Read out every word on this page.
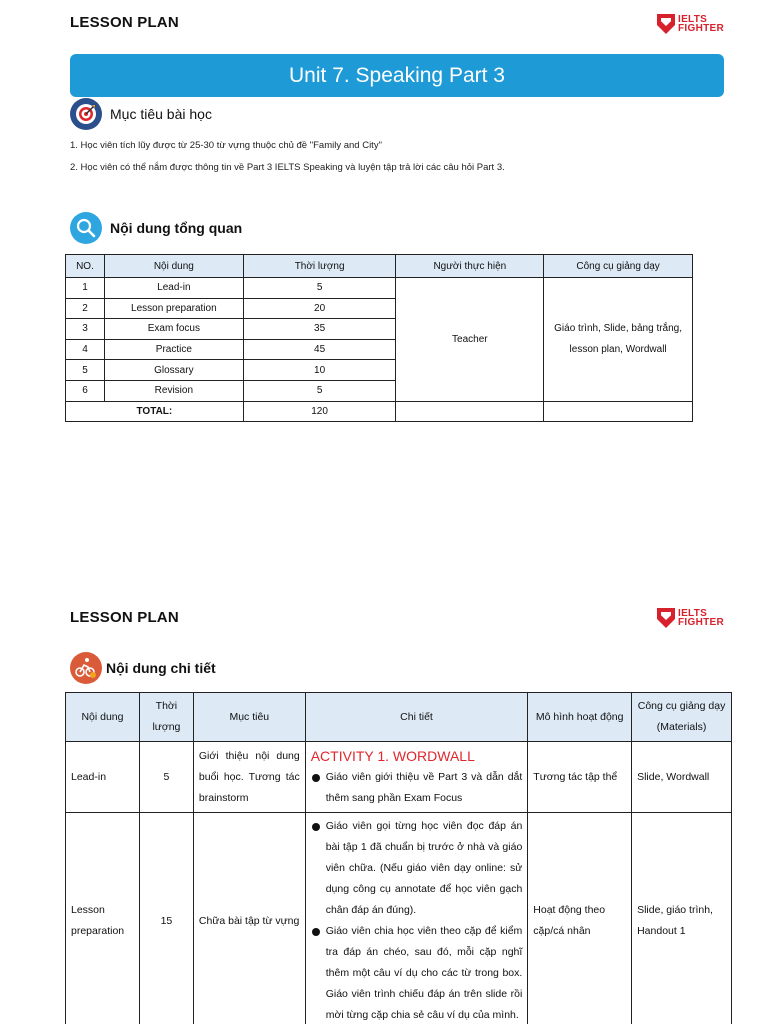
LESSON PLAN	IELTS
FIGHTER
Unit 7. Speaking Part 3
Mục tiêu bài học
1. Học viên tích lũy được từ 25-30 từ vựng thuộc chủ đề "Family and City"
2. Học viên có thể nắm được thông tin về Part 3 IELTS Speaking và luyện tập trả lời các câu hỏi Part 3.
Nội dung tổng quan
NO.	Nội dung	Thời lượng	Người thực hiện	Công cụ giảng dạy
1	Lead-in	5	Teacher	Giáo trình, Slide, bảng trắng, lesson plan, Wordwall
2	Lesson preparation	20		
3	Exam focus	35		
4	Practice	45		
5	Glossary	10		
6	Revision	5		
TOTAL:		120		
LESSON PLAN	IELTS
FIGHTER
Nội dung chi tiết
Nội dung	Thời lượng	Mục tiêu	Chi tiết	Mô hình hoạt động	Công cụ giảng dạy (Materials)
Lead-in	5	Giới thiệu nội dung buổi học. Tương tác brainstorm	ACTIVITY 1. WORDWALL
Giáo viên giới thiệu về Part 3 và dẫn dắt thêm sang phần Exam Focus	Tương tác tập thể	Slide, Wordwall
Lesson preparation	15	Chữa bài tập từ vựng	Giáo viên gọi từng học viên đọc đáp án bài tập 1 đã chuẩn bị trước ở nhà và giáo viên chữa. (Nếu giáo viên dạy online: sử dụng công cụ annotate để học viên gạch chân đáp án đúng).
Giáo viên chia học viên theo cặp để kiểm tra đáp án chéo, sau đó, mỗi cặp nghĩ thêm một câu ví dụ cho các từ trong box. Giáo viên trình chiếu đáp án trên slide rồi mời từng cặp chia sẻ câu ví dụ của mình.	Hoạt động theo cặp/cá nhân	Slide, giáo trình, Handout 1
